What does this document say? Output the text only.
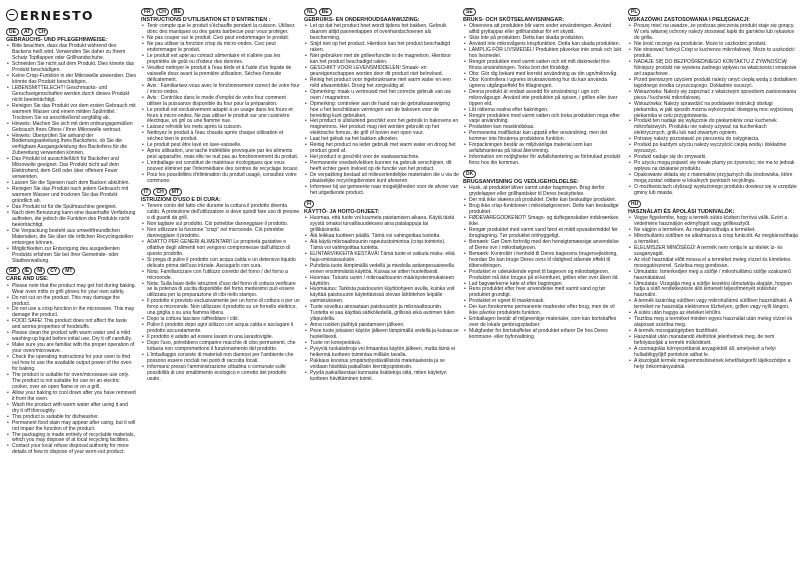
ERNESTO
DE	AT	CH
GEBRAUCHS- UND PFLEGEHINWEISE:
• Bitte beachten, dass das Produkt während des Backens heiß wird. Verwenden Sie daher zu Ihrem Schutz Topflappen oder Grillhandschuhe.
• Schneiden Sie nicht auf dem Produkt. Dies könnte das Produkt beschädigen.
• Keine Crisp-Funktion in der Mikrowelle anwenden. Dies könnte das Produkt beschädigen.
• LEBENSMITTELECHT! Geschmacks- und Geruchseigenschaften werden durch dieses Produkt nicht beeinträchtigt.
• Reinigen Sie das Produkt vor dem ersten Gebrauch mit warmem Wasser und einem milden Spülmittel. Trocknen Sie es anschließend sorgfältig ab.
• Hinweis: Machen Sie sich mit dem ordnungsgemäßen Gebrauch Ihres Ofens / Ihrer Mikrowelle vertraut.
• Hinweis: Überprüfen Sie anhand der Bedienungsanleitung Ihres Backofens, ob Sie die verfügbare Ausgangsleistung des Backofens für die Zubereitung verwenden können.
• Das Produkt ist ausschließlich für Backofen und Mikrowelle geeignet. Das Produkt nicht auf dem Elektroherd, dem Grill oder über offenem Feuer verwenden.
• Lassen Sie die Speisen nach dem Backen abkühlen.
• Reinigen Sie das Produkt nach jedem Gebrauch mit warmem Wasser und trocknen Sie das Produkt gründlich ab.
• Das Produkt ist für die Spülmaschine geeignet.
• Nach dem Benutzung kann eine dauerhafte Verfärbung auftreten, die jedoch die Funktion des Produkts nicht beeinträchtigt.
• Die Verpackung besteht aus umweltfreundlichen Materialien, die Sie über die örtlichen Recyclingstellen entsorgen können.
• Möglichkeiten zur Entsorgung des ausgedienten Produkts erfahren Sie bei Ihrer Gemeinde- oder Stadtverwaltung.
GB	IE	NI	CY	MT
CARE AND USE:
• Please note that the product may get hot during baking. Wear oven mitts or grill gloves for your own safety.
• Do not cut on the product. This may damage the product.
• Do not use a crisp function in the microwave. This may damage the product.
• FOOD SAFE! This product does not affect the taste and aroma properties of foodstuffs.
• Please clean the product with warm water and a mild washing-up liquid before initial use. Dry it off carefully.
• Make sure you are familiar with the proper operation of your oven/microwave.
• Check the operating instructions for your oven to find out how to use the available output power of the oven for baking.
• The product is suitable for oven/microwave use only. The product is not suitable for use on an electric cooker, over an open flame or on a grill.
• Allow your baking to cool down after you have removed it from the oven.
• Wash the product with warm water after using it and dry it off thoroughly.
• This product is suitable for dishwasher.
• Permanent food stain may appear after using, but it will not impair the function of the product.
• The packaging is made entirely of recyclable materials, which you may dispose of at local recycling facilities.
• Contact your local refuse disposal authority for more details of how to dispose of your worn-out product.
FR	CH	BE
INSTRUCTIONS D'UTILISATION ET D'ENTRETIEN :
• Tenir compte que le produit s'échauffe pendant la cuisson. Utilisez donc des maniques ou des gants barbecue pour vous protéger.
• Ne pas couper sur le produit. Ceci peut endommager le produit.
• Ne pas utiliser la fonction crisp du micro-ondes. Ceci peut endommager le produit.
• Le produit est apte au contact alimentaire et n'altère pas les propriétés de goût ou d'odeur des denrées.
• Veuillez nettoyer le produit à l'eau tiède et à l'aide d'un liquide de vaisselle doux avant la première utilisation. Séchez-l'ensuite délicatement.
• Avis : Familiarisez-vous avec le fonctionnement correct de votre four / micro-ondes.
• Avis : Contrôlez dans le mode d'emploi de votre four comment utiliser la puissance disponible du four pour la préparation.
• Le produit est exclusivement adapté à un usage dans les fours et fours à micro-ondes. Ne pas utiliser le produit sur une cuisinière électrique, un gril ou une flamme nue.
• Laissez refroidir les mets après la cuisson.
• Nettoyez le produit à l'eau chaude après chaque utilisation et séchez bien le produit.
• Le produit peut être lavé en lave-vaisselle.
• Après utilisation, une tache indélébile provoquée par les aliments peut apparaître, mais elle ne nuit pas au fonctionnement du produit.
• L'emballage est constitué de matériaux écologiques que vous pouvez éliminer par l'intermédiaire des centres de recyclage locaux.
• Pour les possibilités d'élimination du produit usagé, consultez votre commune.
IT	CH	MT
ISTRUZIONI D'USO E DI CURA:
• Tenere conto del fatto che durante la cottura il prodotto diventa caldo. A protezione dell'utilizzatore si deve quindi fare uso di presine o di guanti da grill.
• Non tagliare sul prodotto. Ciò potrebbe danneggiare il prodotto.
• Non utilizzare la funzione "crisp" nel microonde. Ciò potrebbe danneggiare il prodotto.
• ADATTO PER GENERI ALIMENTARI! Le proprietà gustative e olfattive degli alimenti non vengono compromesse dall'utilizzo di questo prodotto.
• Si prega di pulire il prodotto con acqua calda e un detersivo liquido delicato prima dell'uso iniziale. Asciugarlo con cura.
• Nota: Familiarizzare con l'utilizzo corretto del forno / del forno a microonde.
• Nota: Sulla base delle istruzioni d'uso del forno di cottura verificare se la potenza di uscita disponibile del forno medesimo può essere utilizzata per la preparazione di cibi nello stampo.
• Il prodotto è previsto esclusivamente per un forno di cottura o per un forno a microonde. Non utilizzare il prodotto su un fornello elettrico, una griglia o su una fiamma libera.
• Dopo la cottura lasciare raffreddare i cibi.
• Pulire il prodotto dopo ogni utilizzo con acqua calda e asciugare il prodotto accuratamente.
• Il prodotto è adatto ad essere lavato in una lavastoviglie.
• Dopo l'uso, potrebbero comparire macchie di cibo permanenti, che tuttavia non compromettono il funzionamento del prodotto.
• L'imballaggio consiste di materiali non dannosi per l'ambiente che possono essere riciclati nei punti di raccolta locali.
• Informarsi presso l'amministrazione cittadina o comunale sulle possibilità di uno smaltimento ecologico e corretto del prodotto usato.
NL	BE
GEBRUIKS- EN ONDERHOUDSAANWIJZING:
• Let op dat het product heet wordt tijdens het bakken. Gebruik daarom altijd pannenlappen of ovenhandschoenen als bescherming.
• Snijd niet op het product. Hierdoor kan het product beschadigd raken.
• Niet gebruiken met de grilleerfunctie in de magnetron. Hierdoor kan het product beschadigd raken.
• GESCHIKT VOOR LEVENSMIDDELEN! Smaak- en geureigenschappen worden door dit product niet beïnvloed.
• Reinig het product voor ingebruikname met warm water en een mild afwasmiddel. Droog het zorgvuldig af.
• Opmerking: maak u vertrouwd met het correcte gebruik van uw oven / magnetron.
• Opmerking: controleer aan de hand van de gebruiksaanwijzing hoe u het beschikbare vermogen van de bakoven voor de bereiding kunt gebruiken.
• Het product is uitsluitend geschikt voor het gebruik in bakovens en magnetrons. Het product mag niet worden gebruikt op het elektrische fornuis, de grill of boven een open vuur.
• Laat het gebak na het bakken afkoelen.
• Reinig het product na ieder gebruik met warm water en droog het product goed af.
• Het product is geschikt voor de vaatwasmachine.
• Permanente voedselvlekken kunnen na gebruik verschijnen, dit heeft echter geen invloed op de functie van het product.
• De verpakking bestaat uit milieuvriendelijke materialen die u via de plaatselijke recyclingdiensten kunt afvoeren.
• Informeer bij uw gemeente naar mogelijkheden voor de afvoer van het uitgediende product.
FI
KÄYTTÖ- JA HOITO-OHJEET:
• Huomaa, että tuote voi kuumeta paistamisen aikana. Käytä tästä syystä omaksi turvallisuudeksesi aina patalappuja tai grillikäsineitä.
• Älä leikkaa tuotteen päällä. Tämä voi vahingoittaa tuotetta.
• Älä käytä mikroaaltouunin rapeutustoimintoa (crisp-toiminto). Tämä voi vahingoittaa tuotetta.
• ELINTARVIKKEITA KESTÄVÄ! Tämä tuote ei vaikuta maku- eikä haju-ominaisuuksiin.
• Puhdista tuote lämpimällä vedellä ja miedolla astianpesuaineella ennen ensimmäistä käyttöä. Kuivaa se sitten huolellisesti.
• Huomaa: Tutustu uunin / mikroaaltouunin määräystenmukaiseen käyttöön.
• Huomautus: Tarkista paistouunin käyttöohjeen avulla, kuinka voit käyttää paistouunin käytettävissä olevan lähtötehon leipälle valmistukseen.
• Tuote soveltuu ainoastaan paistouuniin ja mikroaaltouuniin. Tuotetta ei saa käyttää sähköliedellä, grillissä eikä avoimen tulen yläpuolella.
• Anna ruokien jäähtyä paistamisen jälkeen.
• Pese tuote jokaisen käytön jälkeen lämpimällä vedellä ja kuivaa se huolellisesti.
• Tuote on konepestävä.
• Pysyviä ruokatahroja voi ilmaantua käytön jälkeen, mutta tämä ei heikennä tuotteen toimintaa millään tavalla.
• Pakkaus koostuu ympäristöystävällisistä materiaaleista ja se voidaan hävittää paikallisiin kierrätyspisteisiin.
• Pyydä paikallisestasi kunnasta lisätietoja siitä, miten käytetyn tuotteen hävittäminen toimii.
SE
BRUKS- OCH SKÖTSELANVISNINGAR:
• Observera att produkten blir varm under användningen. Använd alltid grytlappar eller grillhandskar för ert skydd.
• Skär inte på produkten. Detta kan skada produkten.
• Använd inte mikrovågens krispfunktion. Detta kan skada produkten.
• LÄMPLIG FÖR LIVSMEDEL! Produkten påverkar inte smak och lukt hos livsmedel.
• Rengör produkten med varmt vatten och ett milt diskmedel före första användningen. Torka bort det försiktigt.
• Obs: Gör dig bekant med korrekt användning av din ugn/mikrovåg.
• Obs: Kontrollera i ugnens bruksanvisning hur du kan använda ugnens utgångseffekt för tillagningen.
• Denna produkt är endast avsedd för användning i ugn och mikrovågsugn. Använd inte produkten på spisen, i grillen eller över öppen eld.
• Låt rätterna svalna efter bakningen.
• Rengör produkten med varmt vatten och torka produkten noga efter varje användning.
• Produkten kan maskindiskas.
• Permanenta matfläckar kan uppstå efter användning, men det kommer inte försämra produktens funktion.
• Förpackningen består av miljövänliga material som kan avfallshanteras på lokal återvinning.
• Information om möjligheter för avfallshantering av förbrukad produkt finns hos din kommun.
DK
BRUGSANVISNING OG VEDLIGEHOLDELSE:
• Husk, at produktet bliver varmt under bagningen. Brug derfor grydelapper eller grillhandsker til Deres beskyttelse.
• Der må ikke skæres på produktet. Dette kan beskadige produktet.
• Brug ikke crisp-funktionen i mikrobølgeovnen. Dette kan beskadige produktet.
• FØDEVAREGODKENDT! Smags- og duftegenskaber indskrænkes ikke.
• Rengør produktet med varmt vand først et mildt opvaskemiddel før ibrugtagning. Tør produktet omhyggeligt.
• Bemærk: Gør Dem fortrolig med den hensigtsmæssige anvendelse af Deres ovn / mikrobølgeovn.
• Bemærk: Kontrollér i henhold til Deres bageovns brugervejledning, hvordan De kan bruge Deres ovns til rådighed stående effekt til tilberedningen.
• Produktet er udelukkende egnet til bageovn og mikrobølgeovn. Produktet må ikke bruges på el-komfuret, grillen eller over åben ild.
• Lad bagværkerne køle af efter bagningen.
• Rens produktet efter hver anvendelse med varmt vand og tør produktet grundigt.
• Produktet er egnet til maskinvask.
• Der kan forekomme permanente madrester efter brug, men de vil ikke påvirke produktets funktion.
• Emballagen består af miljøvenlige materialer, som kan bortskaffes over de lokale genbrugspladser.
• Muligheder for bortskaffelse af produktet erfarer De hos Deres kommune- eller byforvaltning.
PL
WSKAZÓWKI ZASTOSOWANIA I PIELĘGNACJI:
• Proszę mieć na uwadze, że podczas pieczenia produkt staje się gorący. W celu własnej ochrony należy stosować łapki do garnków lub rękawice do grilla.
• Nie kroić niczego na produkcie. Może to uszkodzić produkt.
• Nie stosować funkcji Crisp w kuchence mikrofalowej. Może to uszkodzić produkt.
• NADAJE SIĘ DO BEZPOŚREDNIEGO KONTAKTU Z ŻYWNOŚCIĄ! Niniejszy produkt nie wywiera żadnego wpływu na właściwości smakowe ani zapachowe.
• Przed pierwszym użyciem produkt należy umyć ciepłą wodą z dodatkiem łagodnego środka czyszczącego. Dokładnie osuszyć.
• Wskazówka: Należy się zapoznać z właściwym sposobem zastosowania pieca / kuchenki mikrofalowej.
• Wskazówka: Należy sprawdzić na podstawie instrukcji obsługi piekarnika, w jaki sposób można wykorzystać dostępną moc wyjściową piekarnika w celu przygotowania.
• Produkt ten nadaje się wyłącznie do piekarników oraz kuchenek mikrofalowych. Produktu nie należy używać na kuchenkach elektrycznych, grillu lub nad otwartym ogniem.
• Potrawy należy pozostawić po pieczeniu do ostygnięcia.
• Produkt po każdym użyciu należy wyczyścić ciepłą wodą i dokładnie wysuszyć.
• Produkt nadaje się do zmywarki.
• Po użyciu mogą pojawić się trwałe plamy po żywności, nie ma to jednak wpływu na działanie produktu.
• Opakowanie składa się z materiałów przyjaznych dla środowiska, które mogą zostać oddane w lokalnych punktach recyklingu.
• O możliwościach utylizacji wysłużonego produktu dowiesz się w urzędzie gminy lub miasta.
HU
HASZNÁLATI ÉS ÁPOLÁSI TUDNIVALÓK:
• Vegye figyelembe, hogy a termék sütés közben forróvá válik. Ezért a védelmére használjon edényfogót vagy grillkesztyűt.
• Ne vágjon a terméken. Az megkárosíthatja a terméket.
• Mikrohullámú sütőben ne alkalmazza a crisp funkciót. Az megkárosíthatja a terméket.
• ÉLELMISZER MINŐSÉGŰ! A termék nem rontja le az ételek íz- és szaganyagát.
• Az első használat előtt mossa el a terméket meleg vízzel és kíméletes mosogatószerrel. Szárítsa meg gondosan.
• Útmutatás: Ismerkedjen meg a sütője / mikrohullámú sütője szakszerű használatával.
• Útmutatás: Vizsgálja meg a sütője kezelési útmutatója alapján, hogyan tudja a sütő rendelkezésre álló kimeneti teljesítményét sütéshez használni.
• A termék kizárólag sütőben vagy mikrohullámú sütőben használható. A terméket ne használja elektromos tűzhelyen, grillen vagy nyílt lángon.
• A sütés után hagyja az ételeket lehűlni.
• Tisztítsa meg a terméket minden egyes használat után meleg vízzel és alaposan szárítsa meg.
• A termék mosogatógépben tisztítható.
• Használat után maradandó ételfoltok jelenhetnek meg, de nem befolyásolják a termék működését.
• A csomagolás környezetbarát anyagokból áll, amelyeket a helyi hulladékgyűjtő pontokon adhat le.
• A kiszolgált termék megsemmisítésének lehetőségeiről tájékozódjon a helyi önkormányzatnál.
